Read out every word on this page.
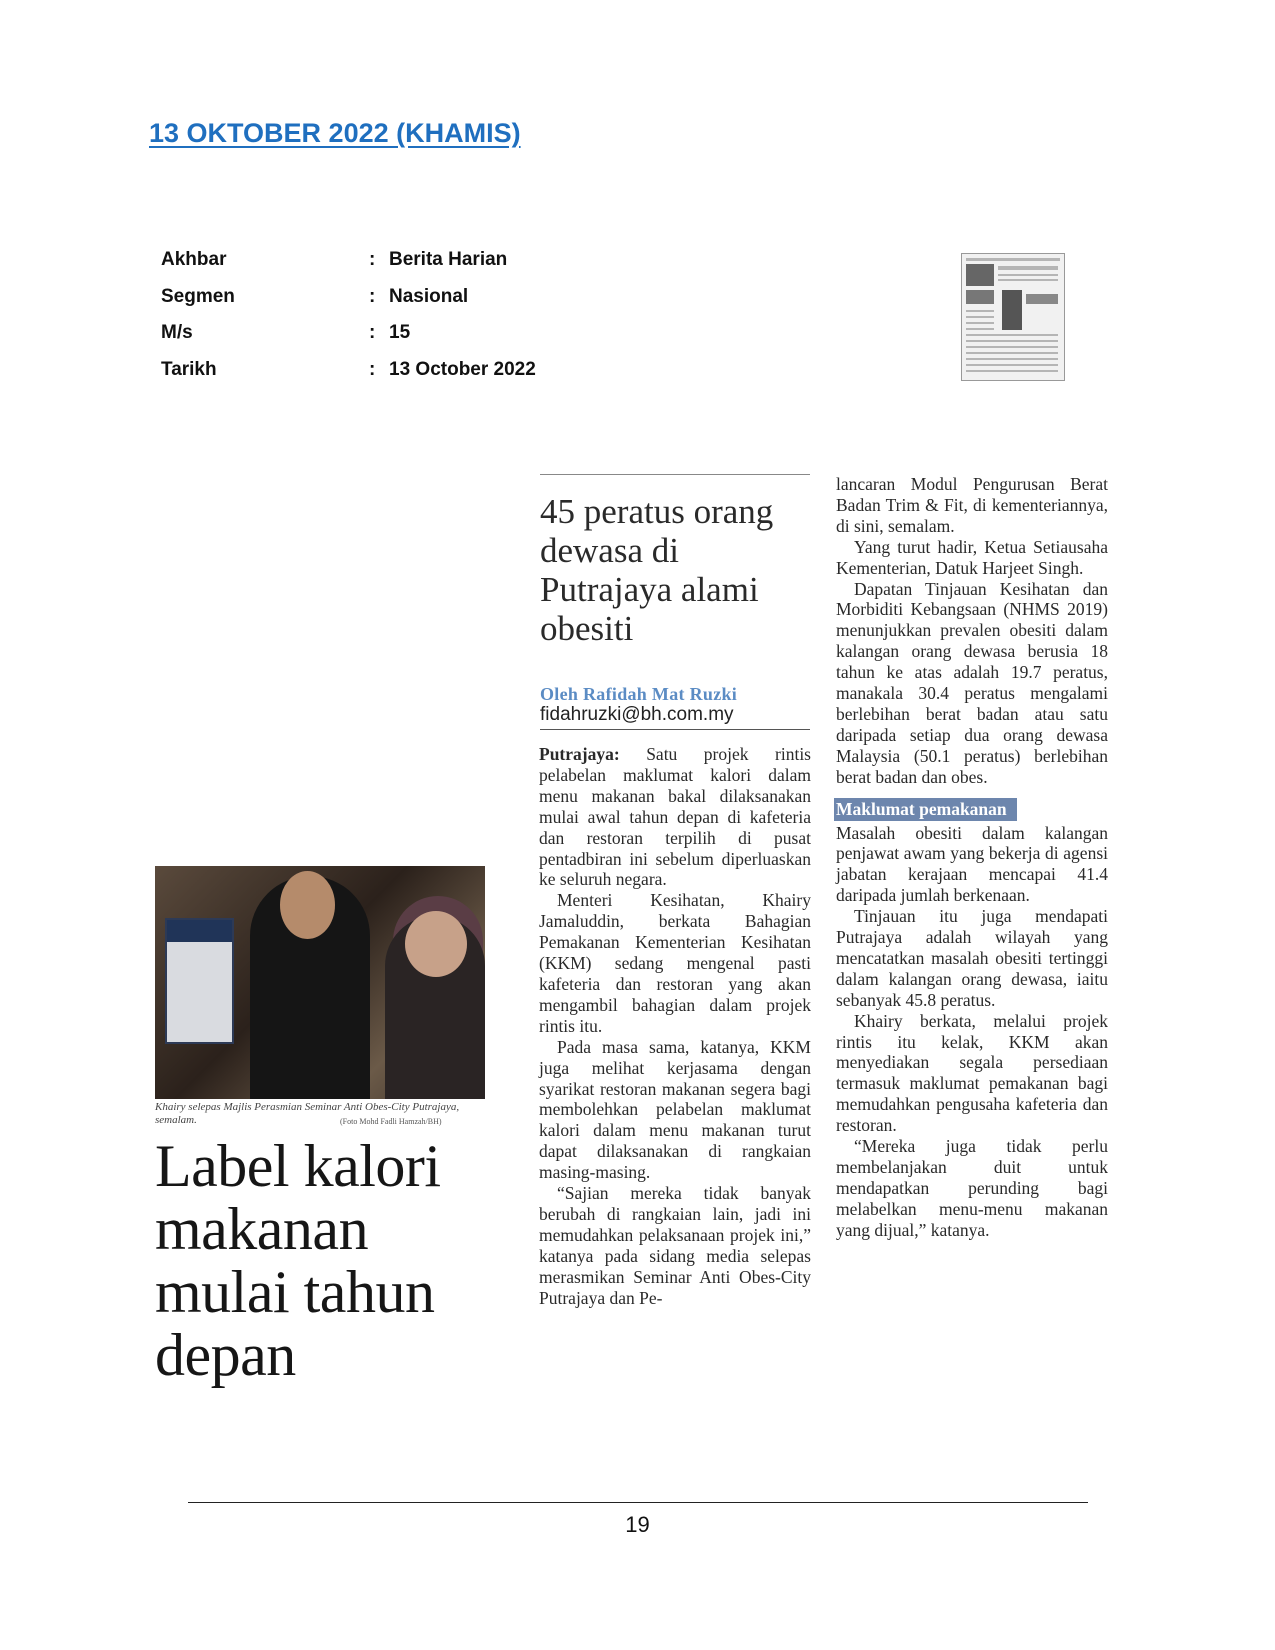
13 OKTOBER 2022 (KHAMIS)
Akhbar	: Berita Harian
Segmen	: Nasional
M/s	: 15
Tarikh	: 13 October 2022
Khairy selepas Majlis Perasmian Seminar Anti Obes-City Putrajaya, semalam.	(Foto Mohd Fadli Hamzah/BH)
Label kalori makanan mulai tahun depan
45 peratus orang dewasa di Putrajaya alami obesiti
Oleh Rafidah Mat Ruzki
fidahruzki@bh.com.my

Putrajaya: Satu projek rintis pelabelan maklumat kalori dalam menu makanan bakal dilaksanakan mulai awal tahun depan di kafeteria dan restoran terpilih di pusat pentadbiran ini sebelum diperluaskan ke seluruh negara.

Menteri Kesihatan, Khairy Jamaluddin, berkata Bahagian Pemakanan Kementerian Kesihatan (KKM) sedang mengenal pasti kafeteria dan restoran yang akan mengambil bahagian dalam projek rintis itu.

Pada masa sama, katanya, KKM juga melihat kerjasama dengan syarikat restoran makanan segera bagi membolehkan pelabelan maklumat kalori dalam menu makanan turut dapat dilaksanakan di rangkaian masing-masing.

“Sajian mereka tidak banyak berubah di rangkaian lain, jadi ini memudahkan pelaksanaan projek ini,” katanya pada sidang media selepas merasmikan Seminar Anti Obes-City Putrajaya dan Pe-

lancaran Modul Pengurusan Berat Badan Trim & Fit, di kementeriannya, di sini, semalam.

Yang turut hadir, Ketua Setiausaha Kementerian, Datuk Harjeet Singh.

Dapatan Tinjauan Kesihatan dan Morbiditi Kebangsaan (NHMS 2019) menunjukkan prevalen obesiti dalam kalangan orang dewasa berusia 18 tahun ke atas adalah 19.7 peratus, manakala 30.4 peratus mengalami berlebihan berat badan atau satu daripada setiap dua orang dewasa Malaysia (50.1 peratus) berlebihan berat badan dan obes.

Maklumat pemakanan

Masalah obesiti dalam kalangan penjawat awam yang bekerja di agensi jabatan kerajaan mencapai 41.4 daripada jumlah berkenaan.

Tinjauan itu juga mendapati Putrajaya adalah wilayah yang mencatatkan masalah obesiti tertinggi dalam kalangan orang dewasa, iaitu sebanyak 45.8 peratus.

Khairy berkata, melalui projek rintis itu kelak, KKM akan menyediakan segala persediaan termasuk maklumat pemakanan bagi memudahkan pengusaha kafeteria dan restoran.

“Mereka juga tidak perlu membelanjakan duit untuk mendapatkan perunding bagi melabelkan menu-menu makanan yang dijual,” katanya.

19
